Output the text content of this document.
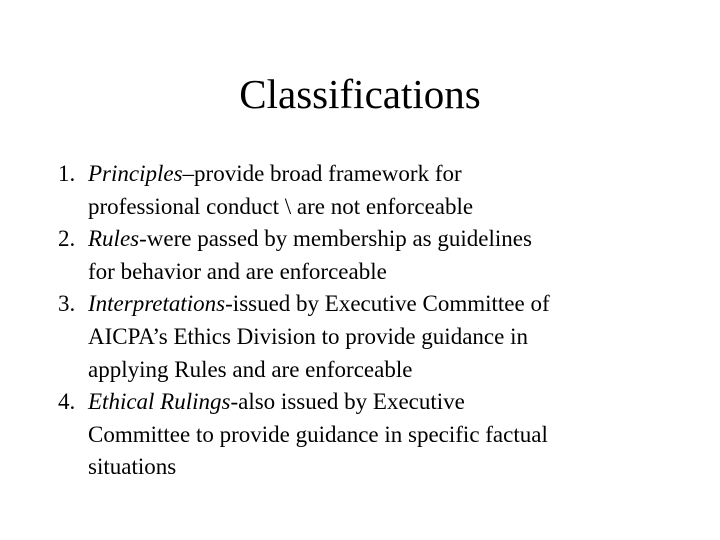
Classifications
1. Principles–provide broad framework for
professional conduct \ are not enforceable
2. Rules-were passed by membership as guidelines
for behavior and are enforceable
3. Interpretations-issued by Executive Committee of
AICPA’s Ethics Division to provide guidance in
applying Rules and are enforceable
4. Ethical Rulings-also issued by Executive
Committee to provide guidance in specific factual
situations
